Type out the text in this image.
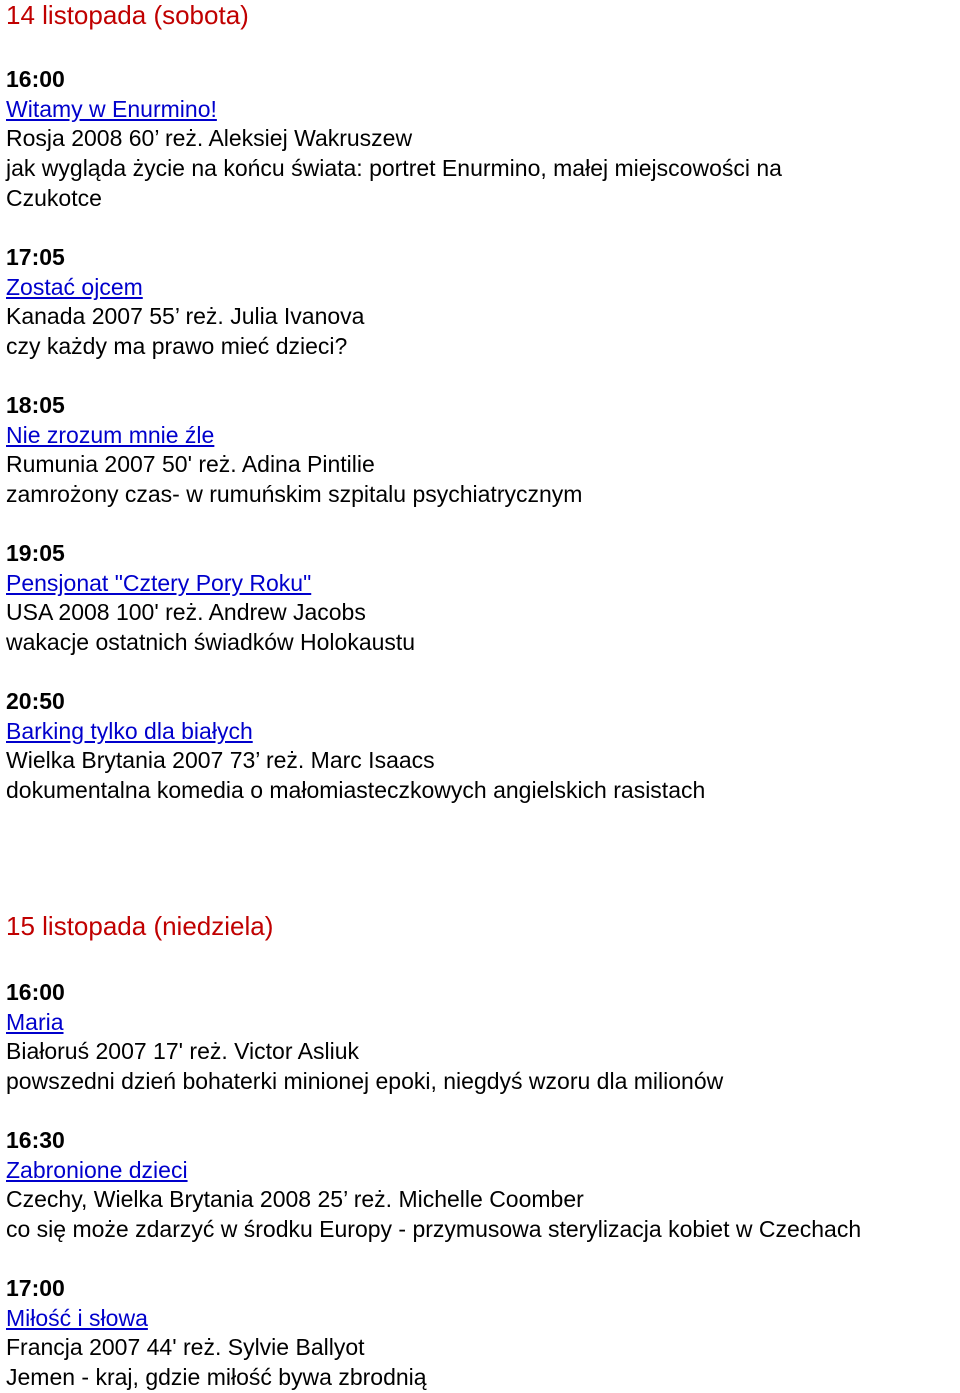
14 listopada (sobota)
16:00
Witamy w Enurmino!
Rosja 2008 60’ reż. Aleksiej Wakruszew
jak wygląda życie na końcu świata: portret Enurmino, małej miejscowości na
Czukotce
17:05
Zostać ojcem
Kanada 2007 55’ reż. Julia Ivanova
czy każdy ma prawo mieć dzieci?
18:05
Nie zrozum mnie źle
Rumunia 2007 50' reż. Adina Pintilie
zamrożony czas- w rumuńskim szpitalu psychiatrycznym
19:05
Pensjonat "Cztery Pory Roku"
USA 2008 100' reż. Andrew Jacobs
wakacje ostatnich świadków Holokaustu
20:50
Barking tylko dla białych
Wielka Brytania 2007 73’ reż. Marc Isaacs
dokumentalna komedia o małomiasteczkowych angielskich rasistach
15 listopada (niedziela)
16:00
Maria
Białoruś 2007 17' reż. Victor Asliuk
powszedni dzień bohaterki minionej epoki, niegdyś wzoru dla milionów
16:30
Zabronione dzieci
Czechy, Wielka Brytania 2008 25’ reż. Michelle Coomber
co się może zdarzyć w środku Europy - przymusowa sterylizacja kobiet w Czechach
17:00
Miłość i słowa
Francja 2007 44' reż. Sylvie Ballyot
Jemen - kraj, gdzie miłość bywa zbrodnią
